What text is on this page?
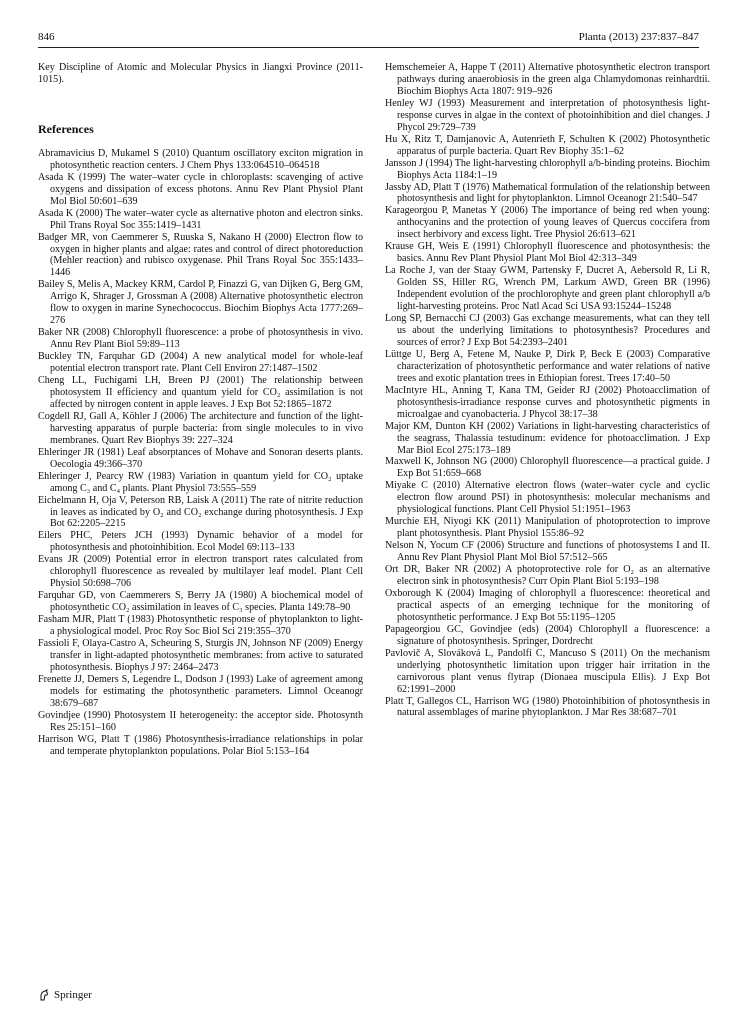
846	Planta (2013) 237:837–847

Key Discipline of Atomic and Molecular Physics in Jiangxi Province (2011-1015).

References

Abramavicius D, Mukamel S (2010) Quantum oscillatory exciton migration in photosynthetic reaction centers. J Chem Phys 133:064510–064518

Asada K (1999) The water–water cycle in chloroplasts: scavenging of active oxygens and dissipation of excess photons. Annu Rev Plant Physiol Plant Mol Biol 50:601–639

Asada K (2000) The water–water cycle as alternative photon and electron sinks. Phil Trans Royal Soc 355:1419–1431

Badger MR, von Caemmerer S, Ruuska S, Nakano H (2000) Electron flow to oxygen in higher plants and algae: rates and control of direct photoreduction (Mehler reaction) and rubisco oxygenase. Phil Trans Royal Soc 355:1433–1446

Bailey S, Melis A, Mackey KRM, Cardol P, Finazzi G, van Dijken G, Berg GM, Arrigo K, Shrager J, Grossman A (2008) Alternative photosynthetic electron flow to oxygen in marine Synechococcus. Biochim Biophys Acta 1777:269–276

Baker NR (2008) Chlorophyll fluorescence: a probe of photosynthesis in vivo. Annu Rev Plant Biol 59:89–113

Buckley TN, Farquhar GD (2004) A new analytical model for whole-leaf potential electron transport rate. Plant Cell Environ 27:1487–1502

Cheng LL, Fuchigami LH, Breen PJ (2001) The relationship between photosystem II efficiency and quantum yield for CO₂ assimilation is not affected by nitrogen content in apple leaves. J Exp Bot 52:1865–1872

Cogdell RJ, Gall A, Köhler J (2006) The architecture and function of the light-harvesting apparatus of purple bacteria: from single molecules to in vivo membranes. Quart Rev Biophys 39: 227–324

Ehleringer JR (1981) Leaf absorptances of Mohave and Sonoran deserts plants. Oecologia 49:366–370

Ehleringer J, Pearcy RW (1983) Variation in quantum yield for CO₂ uptake among C₃ and C₄ plants. Plant Physiol 73:555–559

Eichelmann H, Oja V, Peterson RB, Laisk A (2011) The rate of nitrite reduction in leaves as indicated by O₂ and CO₂ exchange during photosynthesis. J Exp Bot 62:2205–2215

Eilers PHC, Peters JCH (1993) Dynamic behavior of a model for photosynthesis and photoinhibition. Ecol Model 69:113–133

Evans JR (2009) Potential error in electron transport rates calculated from chlorophyll fluorescence as revealed by multilayer leaf model. Plant Cell Physiol 50:698–706

Farquhar GD, von Caemmerers S, Berry JA (1980) A biochemical model of photosynthetic CO₂ assimilation in leaves of C₃ species. Planta 149:78–90

Fasham MJR, Platt T (1983) Photosynthetic response of phytoplankton to light-a physiological model. Proc Roy Soc Biol Sci 219:355–370

Fassioli F, Olaya-Castro A, Scheuring S, Sturgis JN, Johnson NF (2009) Energy transfer in light-adapted photosynthetic membranes: from active to saturated photosynthesis. Biophys J 97: 2464–2473

Frenette JJ, Demers S, Legendre L, Dodson J (1993) Lake of agreement among models for estimating the photosynthetic parameters. Limnol Oceanogr 38:679–687

Govindjee (1990) Photosystem II heterogeneity: the acceptor side. Photosynth Res 25:151–160

Harrison WG, Platt T (1986) Photosynthesis-irradiance relationships in polar and temperate phytoplankton populations. Polar Biol 5:153–164

Hemschemeier A, Happe T (2011) Alternative photosynthetic electron transport pathways during anaerobiosis in the green alga Chlamydomonas reinhardtii. Biochim Biophys Acta 1807: 919–926

Henley WJ (1993) Measurement and interpretation of photosynthesis light-response curves in algae in the context of photoinhibition and diel changes. J Phycol 29:729–739

Hu X, Ritz T, Damjanovic A, Autenrieth F, Schulten K (2002) Photosynthetic apparatus of purple bacteria. Quart Rev Biophy 35:1–62

Jansson J (1994) The light-harvesting chlorophyll a/b-binding proteins. Biochim Biophys Acta 1184:1–19

Jassby AD, Platt T (1976) Mathematical formulation of the relationship between photosynthesis and light for phytoplankton. Limnol Oceanogr 21:540–547

Karageorgou P, Manetas Y (2006) The importance of being red when young: anthocyanins and the protection of young leaves of Quercus coccifera from insect herbivory and excess light. Tree Physiol 26:613–621

Krause GH, Weis E (1991) Chlorophyll fluorescence and photosynthesis: the basics. Annu Rev Plant Physiol Plant Mol Biol 42:313–349

La Roche J, van der Staay GWM, Partensky F, Ducret A, Aebersold R, Li R, Golden SS, Hiller RG, Wrench PM, Larkum AWD, Green BR (1996) Independent evolution of the prochlorophyte and green plant chlorophyll a/b light-harvesting proteins. Proc Natl Acad Sci USA 93:15244–15248

Long SP, Bernacchi CJ (2003) Gas exchange measurements, what can they tell us about the underlying limitations to photosynthesis? Procedures and sources of error? J Exp Bot 54:2393–2401

Lüttge U, Berg A, Fetene M, Nauke P, Dirk P, Beck E (2003) Comparative characterization of photosynthetic performance and water relations of native trees and exotic plantation trees in Ethiopian forest. Trees 17:40–50

MacIntyre HL, Anning T, Kana TM, Geider RJ (2002) Photoacclimation of photosynthesis-irradiance response curves and photosynthetic pigments in microalgae and cyanobacteria. J Phycol 38:17–38

Major KM, Dunton KH (2002) Variations in light-harvesting characteristics of the seagrass, Thalassia testudinum: evidence for photoacclimation. J Exp Mar Biol Ecol 275:173–189

Maxwell K, Johnson NG (2000) Chlorophyll fluorescence—a practical guide. J Exp Bot 51:659–668

Miyake C (2010) Alternative electron flows (water–water cycle and cyclic electron flow around PSI) in photosynthesis: molecular mechanisms and physiological functions. Plant Cell Physiol 51:1951–1963

Murchie EH, Niyogi KK (2011) Manipulation of photoprotection to improve plant photosynthesis. Plant Physiol 155:86–92

Nelson N, Yocum CF (2006) Structure and functions of photosystems I and II. Annu Rev Plant Physiol Plant Mol Biol 57:512–565

Ort DR, Baker NR (2002) A photoprotective role for O₂ as an alternative electron sink in photosynthesis? Curr Opin Plant Biol 5:193–198

Oxborough K (2004) Imaging of chlorophyll a fluorescence: theoretical and practical aspects of an emerging technique for the monitoring of photosynthetic performance. J Exp Bot 55:1195–1205

Papageorgiou GC, Govindjee (eds) (2004) Chlorophyll a fluorescence: a signature of photosynthesis. Springer, Dordrecht

Pavlovič A, Slováková L, Pandolfi C, Mancuso S (2011) On the mechanism underlying photosynthetic limitation upon trigger hair irritation in the carnivorous plant venus flytrap (Dionaea muscipula Ellis). J Exp Bot 62:1991–2000

Platt T, Gallegos CL, Harrison WG (1980) Photoinhibition of photosynthesis in natural assemblages of marine phytoplankton. J Mar Res 38:687–701

Springer
